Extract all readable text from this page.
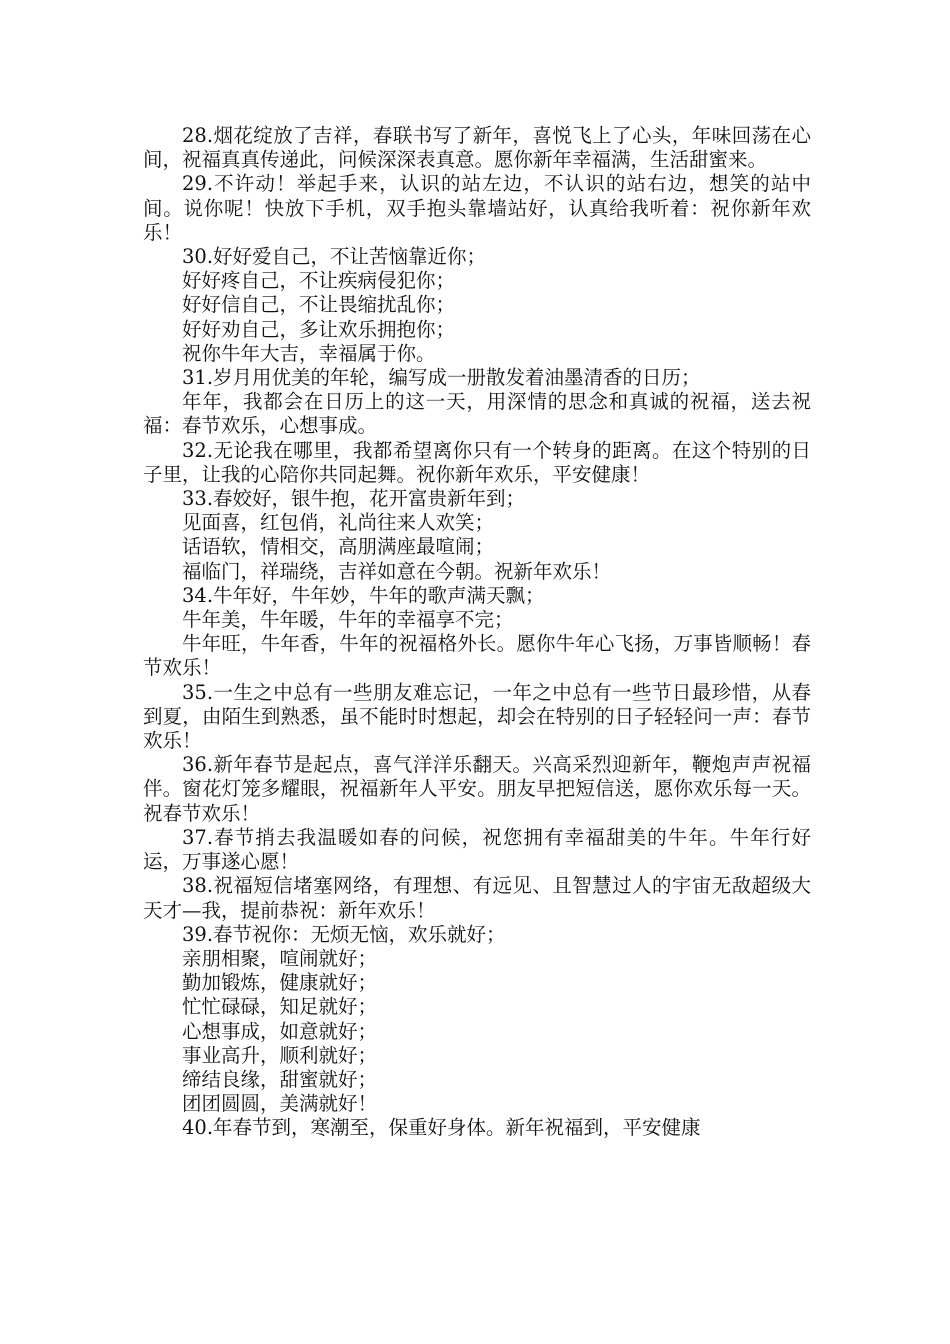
28.烟花绽放了吉祥，春联书写了新年，喜悦飞上了心头，年味回荡在心间，祝福真真传递此，问候深深表真意。愿你新年幸福满，生活甜蜜来。

29.不许动！举起手来，认识的站左边，不认识的站右边，想笑的站中间。说你呢！快放下手机，双手抱头靠墙站好，认真给我听着：祝你新年欢乐！

30.好好爱自己，不让苦恼靠近你；

好好疼自己，不让疾病侵犯你；

好好信自己，不让畏缩扰乱你；

好好劝自己，多让欢乐拥抱你；

祝你牛年大吉，幸福属于你。

31.岁月用优美的年轮，编写成一册散发着油墨清香的日历；

年年，我都会在日历上的这一天，用深情的思念和真诚的祝福，送去祝福：春节欢乐，心想事成。

32.无论我在哪里，我都希望离你只有一个转身的距离。在这个特别的日子里，让我的心陪你共同起舞。祝你新年欢乐，平安健康！

33.春姣好，银牛抱，花开富贵新年到；

见面喜，红包俏，礼尚往来人欢笑；

话语软，情相交，高朋满座最喧闹；

福临门，祥瑞绕，吉祥如意在今朝。祝新年欢乐！

34.牛年好，牛年妙，牛年的歌声满天飘；

牛年美，牛年暖，牛年的幸福享不完；

牛年旺，牛年香，牛年的祝福格外长。愿你牛年心飞扬，万事皆顺畅！春节欢乐！

35.一生之中总有一些朋友难忘记，一年之中总有一些节日最珍惜，从春到夏，由陌生到熟悉，虽不能时时想起，却会在特别的日子轻轻问一声：春节欢乐！

36.新年春节是起点，喜气洋洋乐翻天。兴高采烈迎新年，鞭炮声声祝福伴。窗花灯笼多耀眼，祝福新年人平安。朋友早把短信送，愿你欢乐每一天。祝春节欢乐！

37.春节捎去我温暖如春的问候，祝您拥有幸福甜美的牛年。牛年行好运，万事遂心愿！

38.祝福短信堵塞网络，有理想、有远见、且智慧过人的宇宙无敌超级大天才—我，提前恭祝：新年欢乐！

39.春节祝你：无烦无恼，欢乐就好；

亲朋相聚，喧闹就好；

勤加锻炼，健康就好；

忙忙碌碌，知足就好；

心想事成，如意就好；

事业高升，顺利就好；

缔结良缘，甜蜜就好；

团团圆圆，美满就好！

40.年春节到，寒潮至，保重好身体。新年祝福到，平安健康
